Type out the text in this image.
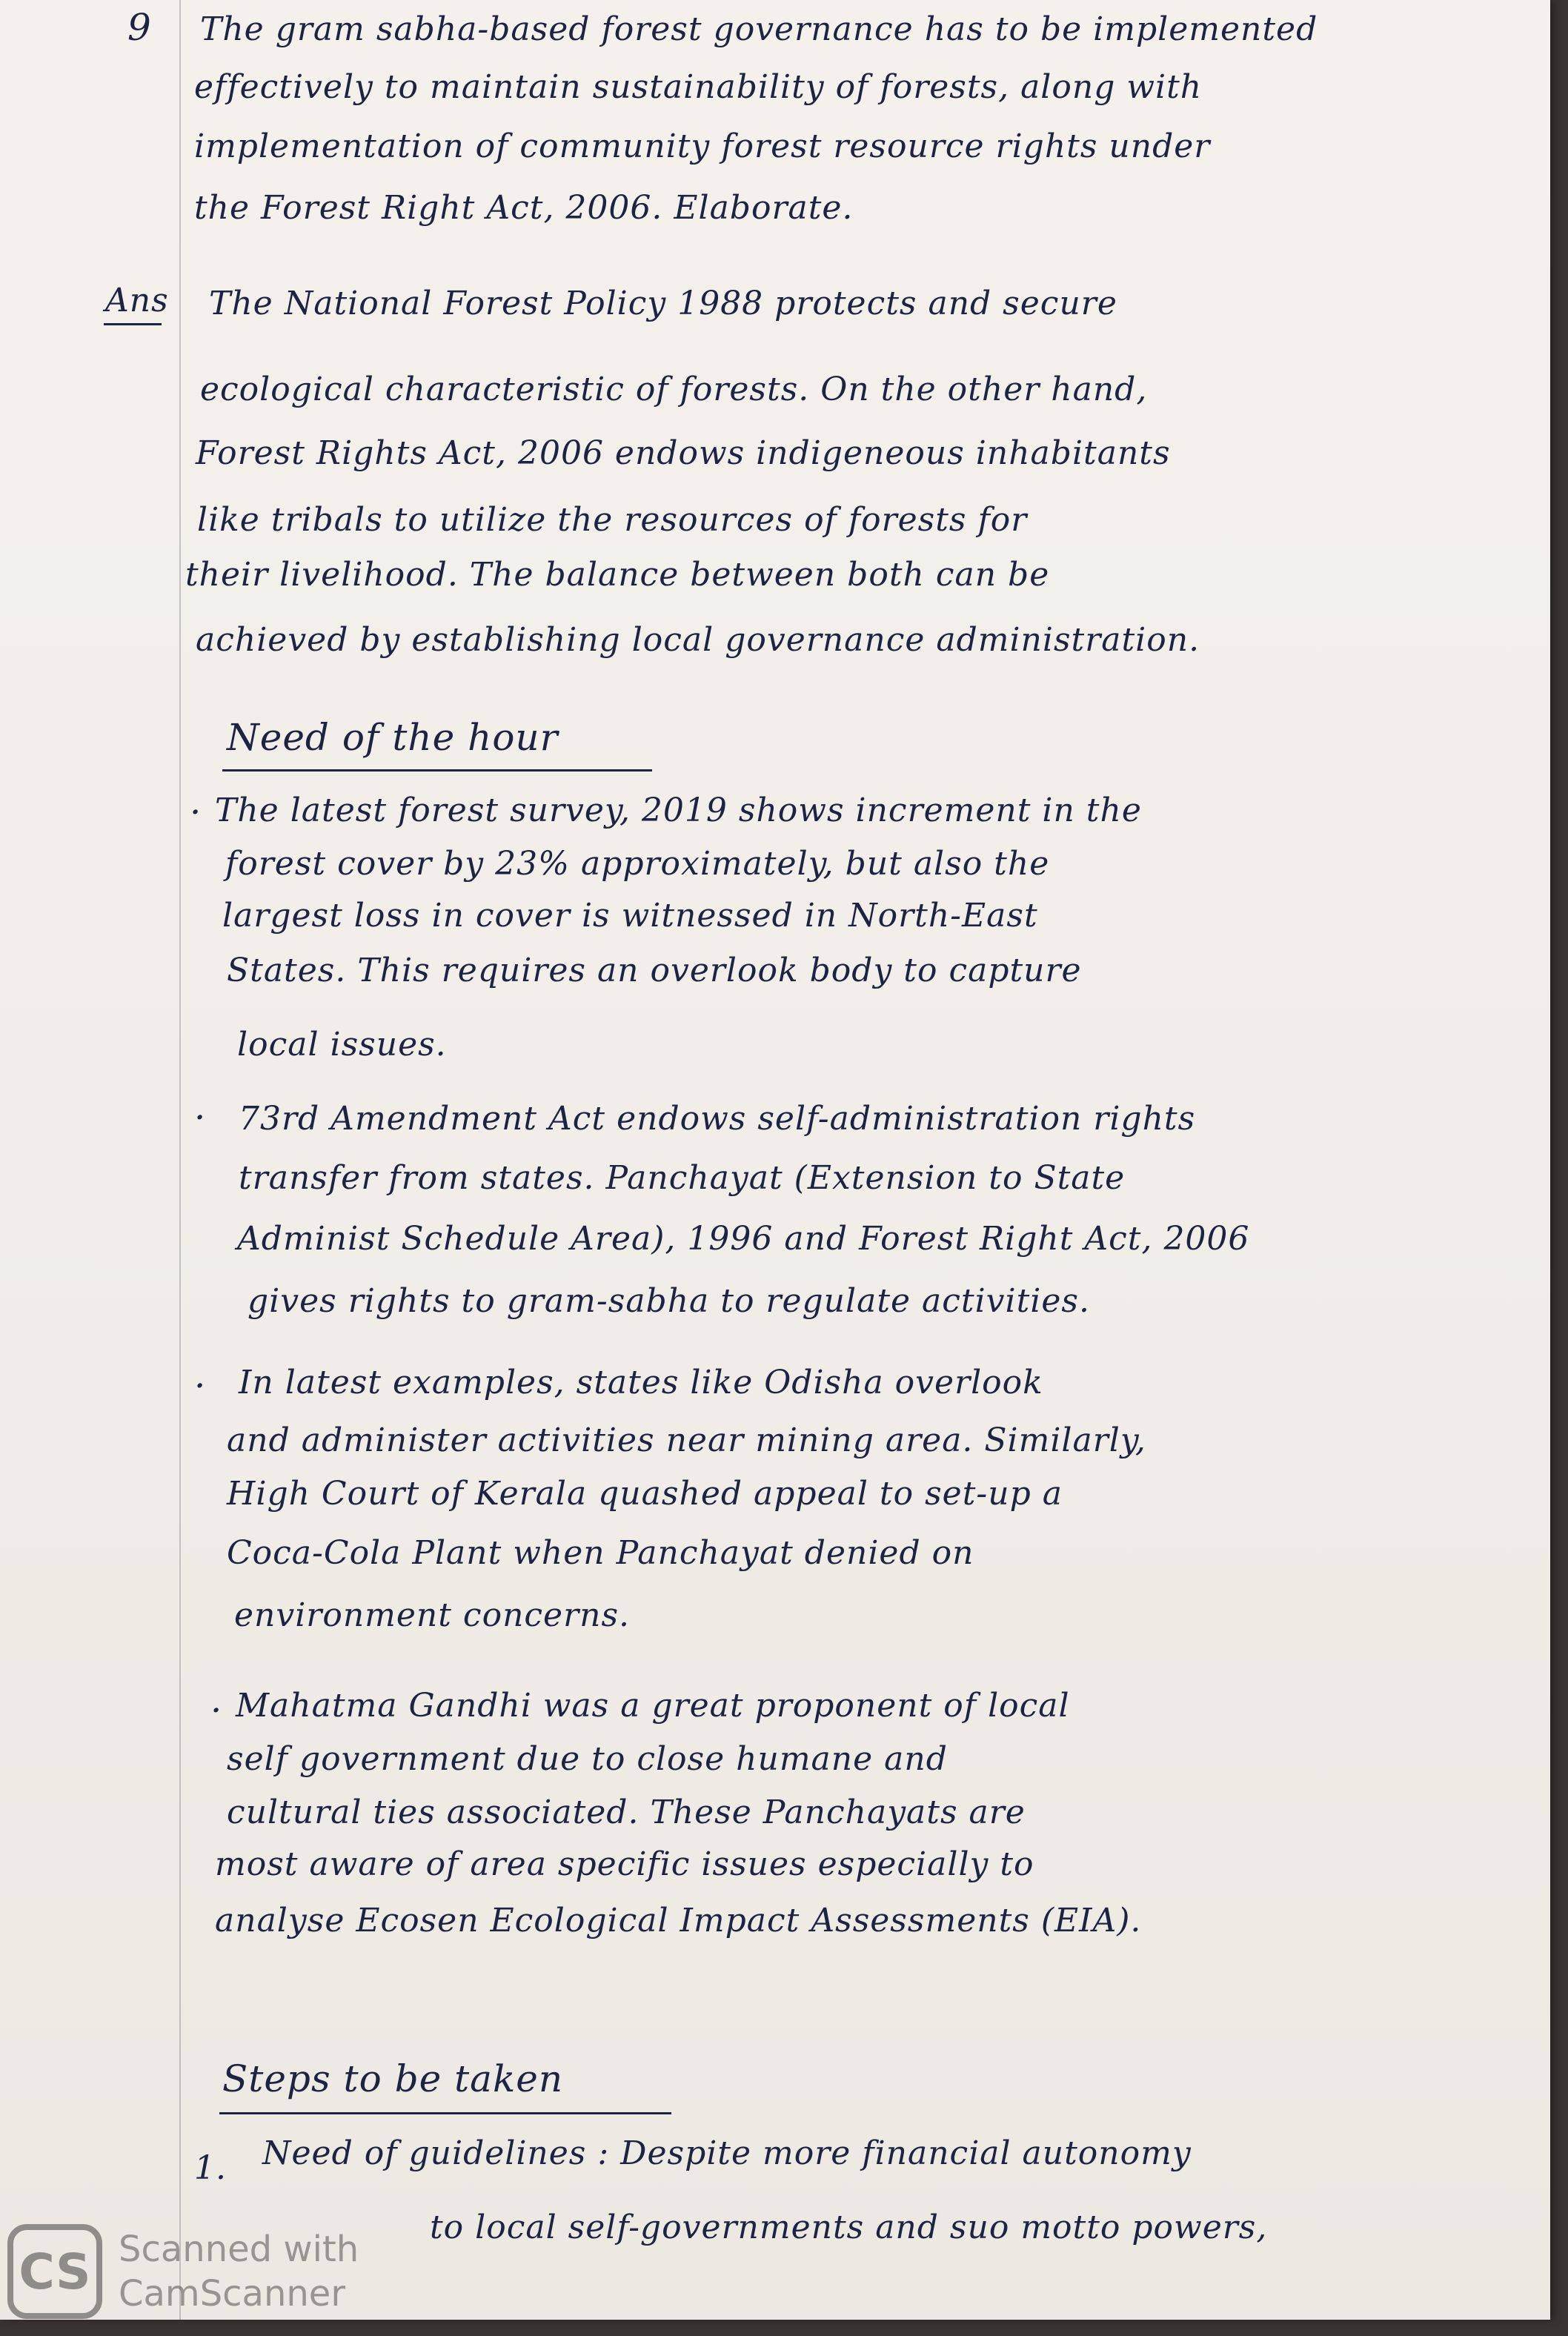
9 The gram sabha-based forest governance has to be implemented
effectively to maintain sustainability of forests, along with
implementation of community forest resource rights under
the Forest Right Act, 2006. Elaborate.
Ans The National Forest Policy 1988 protects and secure
ecological characteristic of forests. On the other hand,
Forest Rights Act, 2006 endows indigeneous inhabitants
like tribals to utilize the resources of forests for
their livelihood. The balance between both can be
achieved by establishing local governance administration.
Need of the hour
· The latest forest survey, 2019 shows increment in the
forest cover by 23% approximately, but also the
largest loss in cover is witnessed in North-East
States. This requires an overlook body to capture
local issues.
· 73rd Amendment Act endows self-administration rights
transfer from states. Panchayat (Extension to State
Administ Schedule Area), 1996 and Forest Right Act, 2006
gives rights to gram-sabha to regulate activities.
· In latest examples, states like Odisha overlook
and administer activities near mining area. Similarly,
High Court of Kerala quashed appeal to set-up a
Coca-Cola Plant when Panchayat denied on
environment concerns.
· Mahatma Gandhi was a great proponent of local
self government due to close humane and
cultural ties associated. These Panchayats are
most aware of area specific issues especially to
analyse Ecosen Ecological Impact Assessments (EIA).
Steps to be taken
1. Need of guidelines : Despite more financial autonomy
to local self-governments and suo motto powers,
CS Scanned with
CamScanner
